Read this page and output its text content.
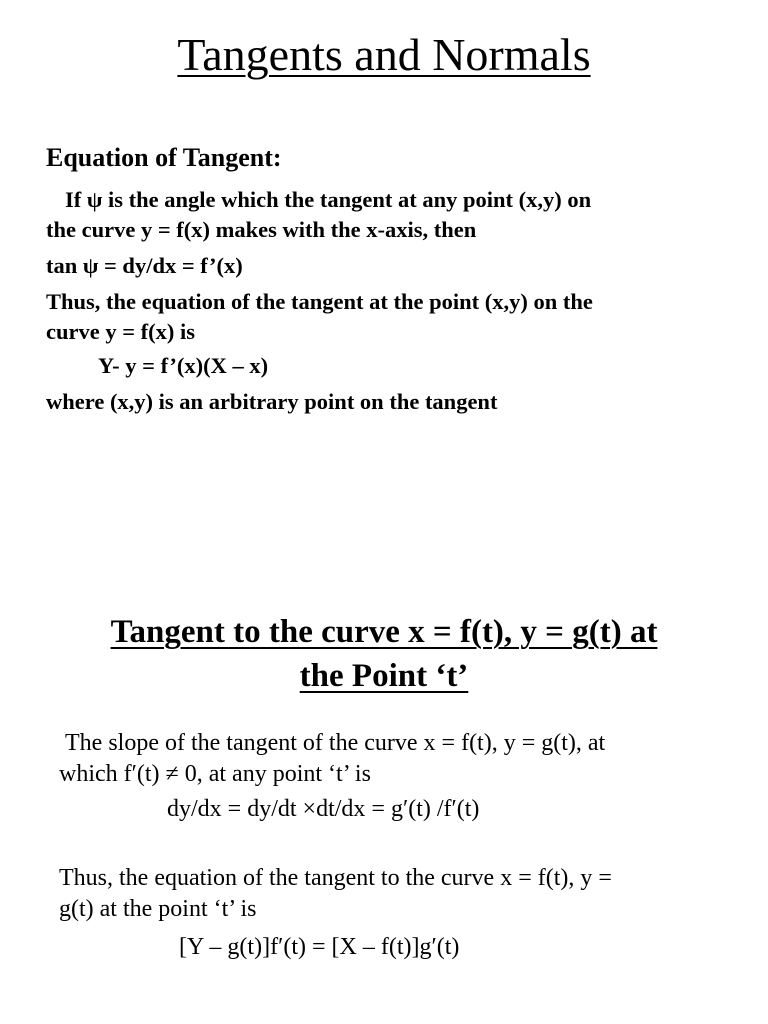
Tangents and Normals

Equation of Tangent:

If ψ is the angle which the tangent at any point (x,y) on

the curve y = f(x) makes with the x-axis, then

tan ψ = dy/dx = f’(x)

Thus, the equation of the tangent at the point (x,y) on the

curve y = f(x) is

Y- y = f’(x)(X – x)

where (x,y) is an arbitrary point on the tangent

Tangent to the curve x = f(t), y = g(t) at
the Point ‘t’

The slope of the tangent of the curve x = f(t), y = g(t), at

which f′(t) ≠ 0, at any point ‘t’ is

dy/dx = dy/dt ×dt/dx = g′(t) /f′(t)

Thus, the equation of the tangent to the curve x = f(t), y =

g(t) at the point ‘t’ is

[Y – g(t)]f′(t) = [X – f(t)]g′(t)
